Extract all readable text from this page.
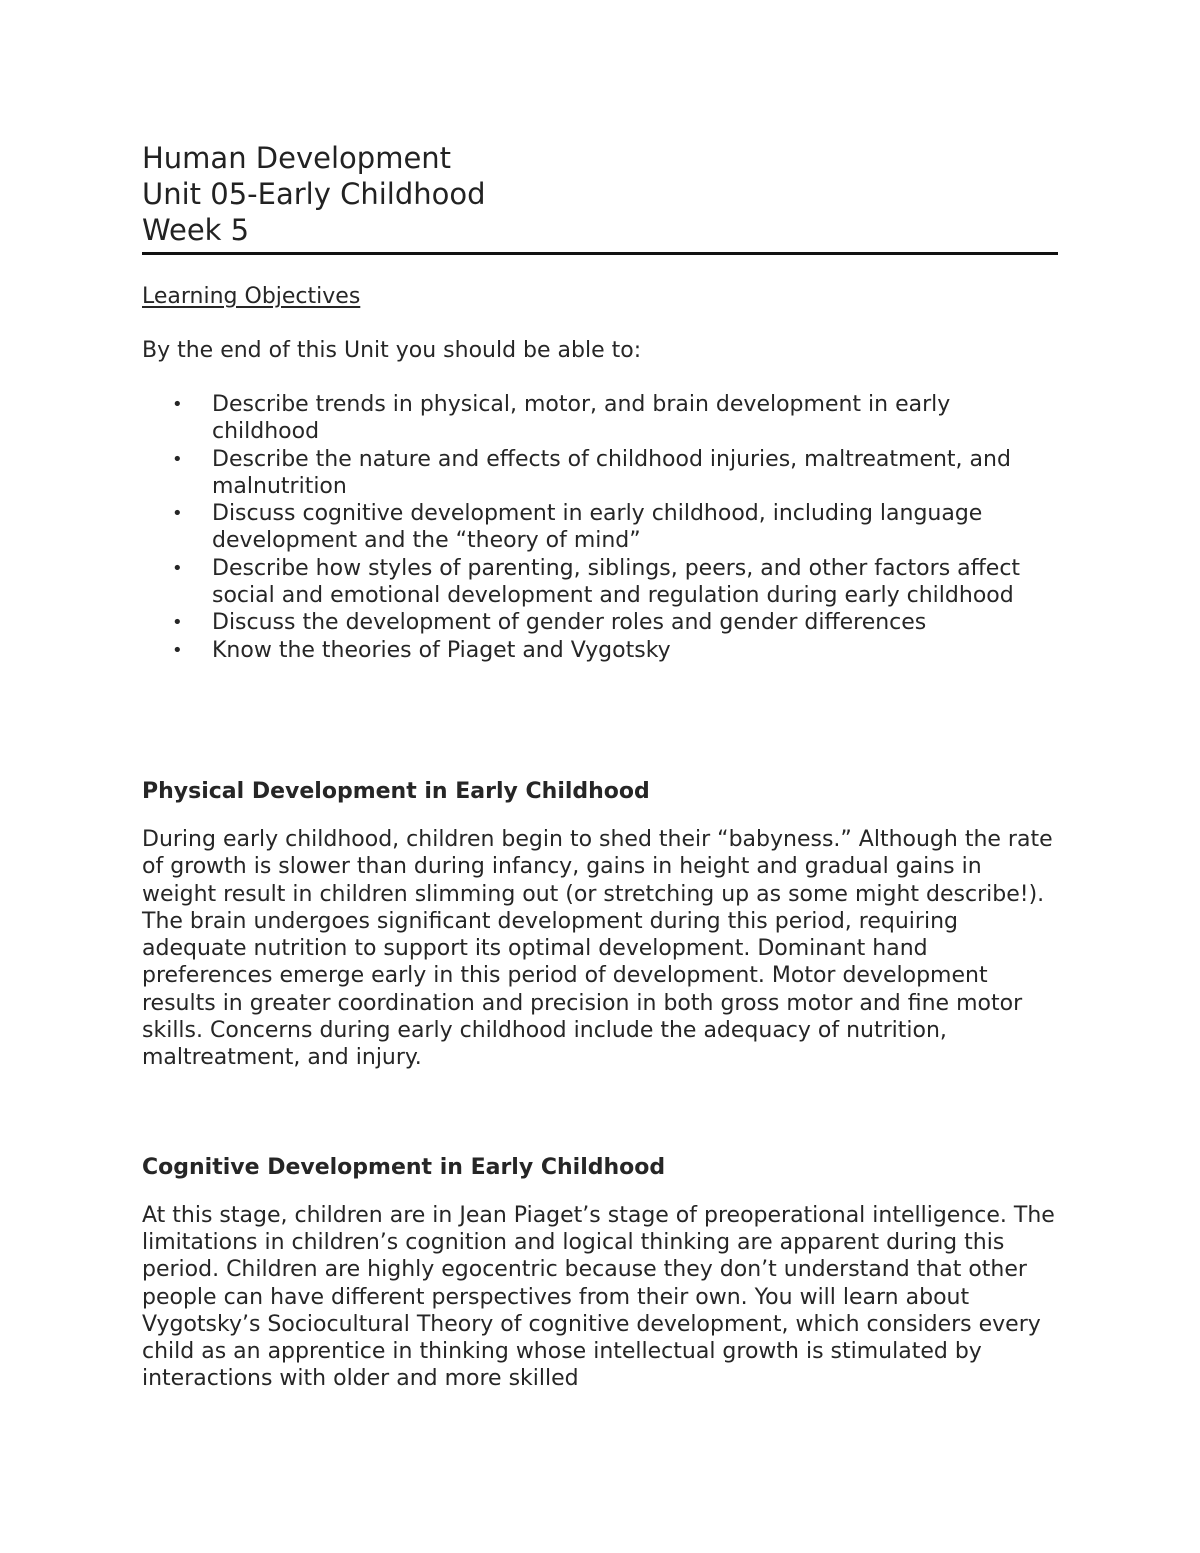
Human Development
Unit 05-Early Childhood
Week 5
Learning Objectives
By the end of this Unit you should be able to:
• Describe trends in physical, motor, and brain development in early childhood
• Describe the nature and effects of childhood injuries, maltreatment, and malnutrition
• Discuss cognitive development in early childhood, including language development and the “theory of mind”
• Describe how styles of parenting, siblings, peers, and other factors affect social and emotional development and regulation during early childhood
• Discuss the development of gender roles and gender differences
• Know the theories of Piaget and Vygotsky
Physical Development in Early Childhood
During early childhood, children begin to shed their “babyness.” Although the rate of growth is slower than during infancy, gains in height and gradual gains in weight result in children slimming out (or stretching up as some might describe!). The brain undergoes significant development during this period, requiring adequate nutrition to support its optimal development. Dominant hand preferences emerge early in this period of development. Motor development results in greater coordination and precision in both gross motor and fine motor skills. Concerns during early childhood include the adequacy of nutrition, maltreatment, and injury.
Cognitive Development in Early Childhood
At this stage, children are in Jean Piaget’s stage of preoperational intelligence. The limitations in children’s cognition and logical thinking are apparent during this period. Children are highly egocentric because they don’t understand that other people can have different perspectives from their own. You will learn about Vygotsky’s Sociocultural Theory of cognitive development, which considers every child as an apprentice in thinking whose intellectual growth is stimulated by interactions with older and more skilled
